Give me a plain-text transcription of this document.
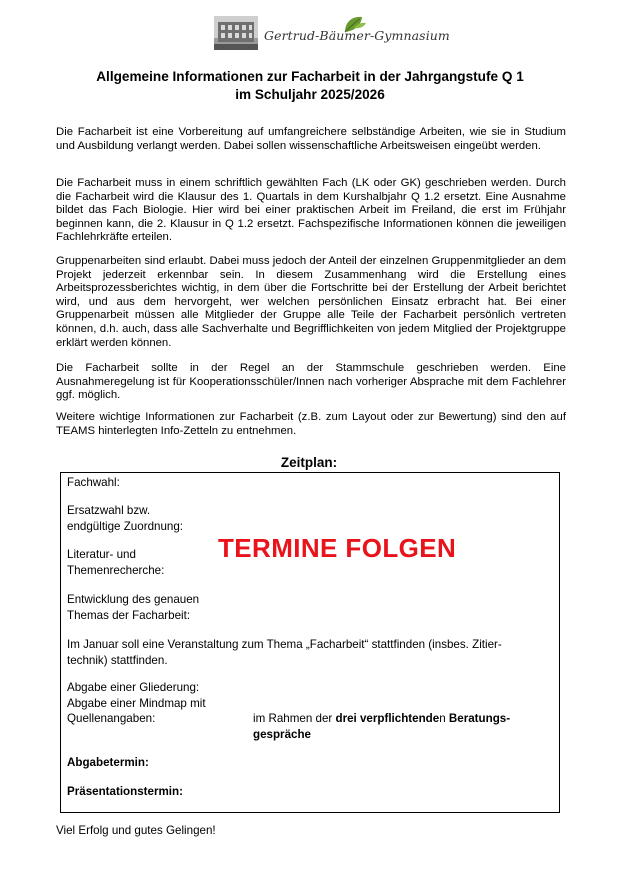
Gertrud-Bäumer-Gymnasium
Allgemeine Informationen zur Facharbeit in der Jahrgangstufe Q 1
im Schuljahr 2025/2026

Die Facharbeit ist eine Vorbereitung auf umfangreichere selbständige Arbeiten, wie sie in Studium und Ausbildung verlangt werden. Dabei sollen wissenschaftliche Arbeitsweisen eingeübt werden.

Die Facharbeit muss in einem schriftlich gewählten Fach (LK oder GK) geschrieben werden. Durch die Facharbeit wird die Klausur des 1. Quartals in dem Kurshalbjahr Q 1.2 ersetzt. Eine Ausnahme bildet das Fach Biologie. Hier wird bei einer praktischen Arbeit im Freiland, die erst im Frühjahr beginnen kann, die 2. Klausur in Q 1.2 ersetzt. Fachspezifische Informationen können die jeweiligen Fachlehrkräfte erteilen.

Gruppenarbeiten sind erlaubt. Dabei muss jedoch der Anteil der einzelnen Gruppenmitglieder an dem Projekt jederzeit erkennbar sein. In diesem Zusammenhang wird die Erstellung eines Arbeitsprozessberichtes wichtig, in dem über die Fortschritte bei der Erstellung der Arbeit berichtet wird, und aus dem hervorgeht, wer welchen persönlichen Einsatz erbracht hat. Bei einer Gruppenarbeit müssen alle Mitglieder der Gruppe alle Teile der Facharbeit persönlich vertreten können, d.h. auch, dass alle Sachverhalte und Begrifflichkeiten von jedem Mitglied der Projektgruppe erklärt werden können.

Die Facharbeit sollte in der Regel an der Stammschule geschrieben werden. Eine Ausnahmeregelung ist für Kooperationsschüler/Innen nach vorheriger Absprache mit dem Fachlehrer ggf. möglich.

Weitere wichtige Informationen zur Facharbeit (z.B. zum Layout oder zur Bewertung) sind den auf TEAMS hinterlegten Info-Zetteln zu entnehmen.

Zeitplan:
Fachwahl:
Ersatzwahl bzw.
endgültige Zuordnung:
TERMINE FOLGEN
Literatur- und
Themenrecherche:
Entwicklung des genauen
Themas der Facharbeit:
Im Januar soll eine Veranstaltung zum Thema „Facharbeit“ stattfinden (insbes. Zitier-
technik) stattfinden.
Abgabe einer Gliederung:
Abgabe einer Mindmap mit
Quellenangaben:	im Rahmen der drei verpflichtenden Beratungs-
gespräche
Abgabetermin:
Präsentationstermin:
Viel Erfolg und gutes Gelingen!
